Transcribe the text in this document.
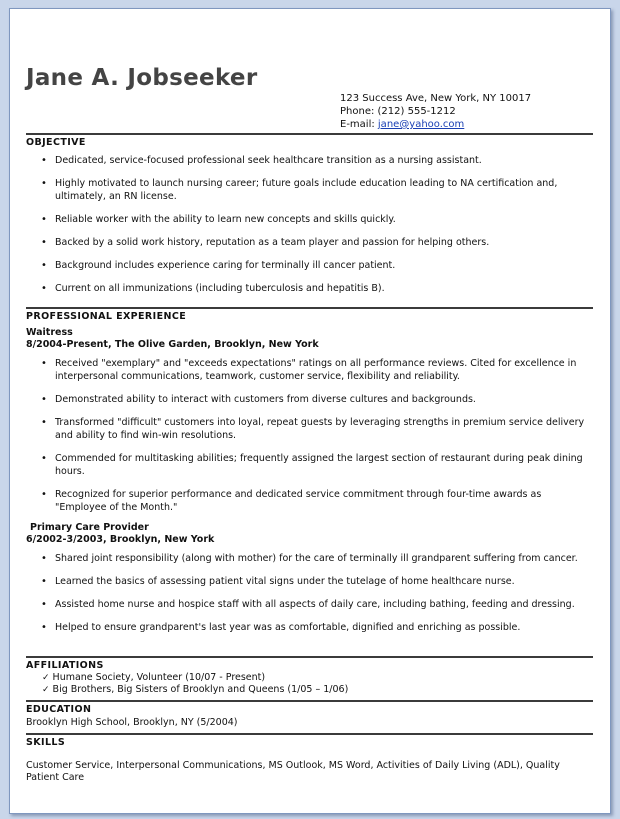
Jane A. Jobseeker
123 Success Ave, New York, NY 10017
Phone: (212) 555-1212
E-mail: jane@yahoo.com
OBJECTIVE
• Dedicated, service-focused professional seek healthcare transition as a nursing assistant.
• Highly motivated to launch nursing career; future goals include education leading to NA certification and, ultimately, an RN license.
• Reliable worker with the ability to learn new concepts and skills quickly.
• Backed by a solid work history, reputation as a team player and passion for helping others.
• Background includes experience caring for terminally ill cancer patient.
• Current on all immunizations (including tuberculosis and hepatitis B).
PROFESSIONAL EXPERIENCE
Waitress
8/2004-Present, The Olive Garden, Brooklyn, New York
• Received "exemplary" and "exceeds expectations" ratings on all performance reviews. Cited for excellence in interpersonal communications, teamwork, customer service, flexibility and reliability.
• Demonstrated ability to interact with customers from diverse cultures and backgrounds.
• Transformed "difficult" customers into loyal, repeat guests by leveraging strengths in premium service delivery and ability to find win-win resolutions.
• Commended for multitasking abilities; frequently assigned the largest section of restaurant during peak dining hours.
• Recognized for superior performance and dedicated service commitment through four-time awards as "Employee of the Month."
Primary Care Provider
6/2002-3/2003, Brooklyn, New York
• Shared joint responsibility (along with mother) for the care of terminally ill grandparent suffering from cancer.
• Learned the basics of assessing patient vital signs under the tutelage of home healthcare nurse.
• Assisted home nurse and hospice staff with all aspects of daily care, including bathing, feeding and dressing.
• Helped to ensure grandparent's last year was as comfortable, dignified and enriching as possible.
AFFILIATIONS
✓ Humane Society, Volunteer (10/07 - Present)
✓ Big Brothers, Big Sisters of Brooklyn and Queens (1/05 – 1/06)
EDUCATION
Brooklyn High School, Brooklyn, NY (5/2004)
SKILLS
Customer Service, Interpersonal Communications, MS Outlook, MS Word, Activities of Daily Living (ADL), Quality Patient Care
